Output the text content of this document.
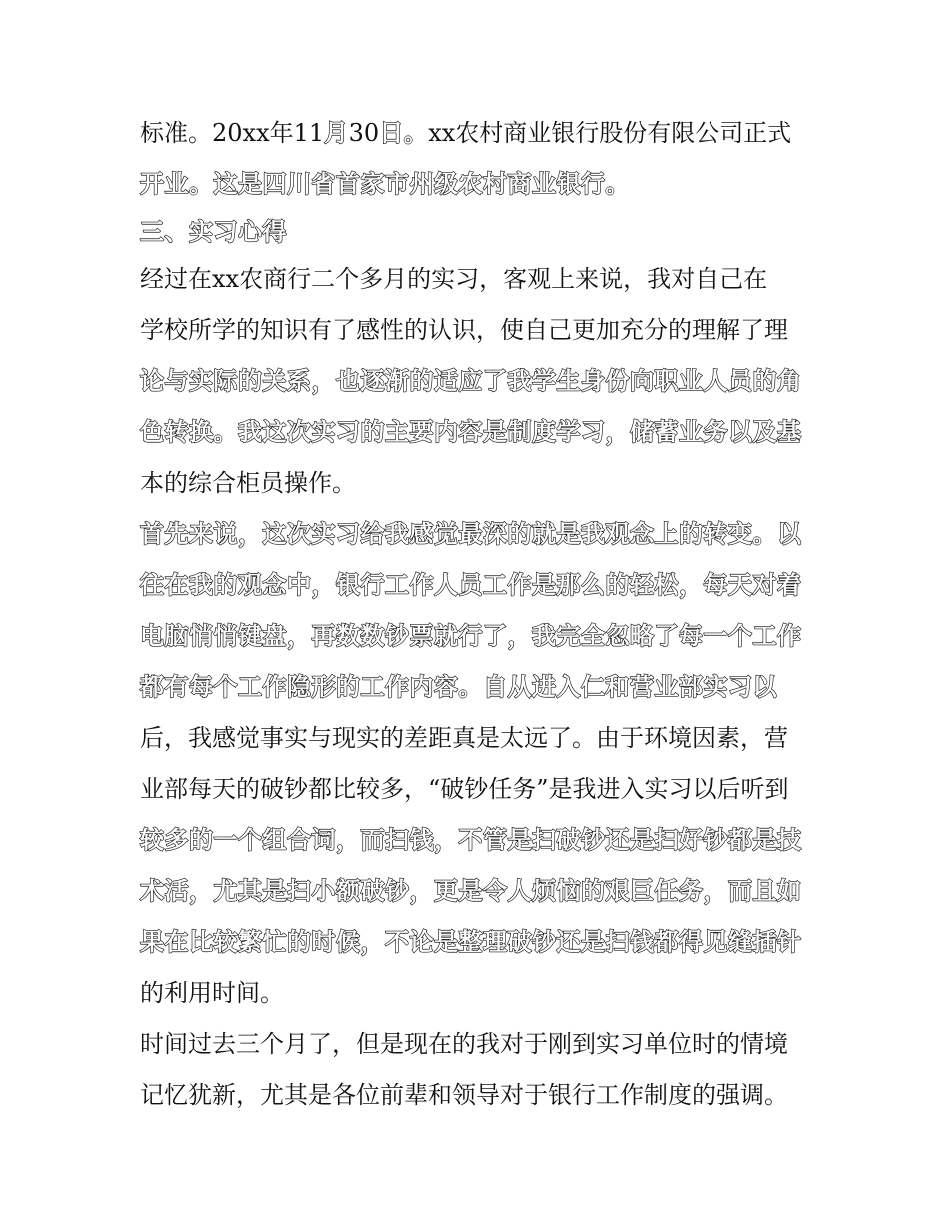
标准。20xx年11月30日。xx农村商业银行股份有限公司正式
开业。这是四川省首家市州级农村商业银行。
三、实习心得
经过在xx农商行二个多月的实习，客观上来说，我对自己在
学校所学的知识有了感性的认识，使自己更加充分的理解了理
论与实际的关系，也逐渐的适应了我学生身份向职业人员的角
色转换。我这次实习的主要内容是制度学习，储蓄业务以及基
本的综合柜员操作。
首先来说，这次实习给我感觉最深的就是我观念上的转变。以
往在我的观念中，银行工作人员工作是那么的轻松，每天对着
电脑悄悄键盘，再数数钞票就行了，我完全忽略了每一个工作
都有每个工作隐形的工作内容。自从进入仁和营业部实习以
后，我感觉事实与现实的差距真是太远了。由于环境因素，营
业部每天的破钞都比较多，“破钞任务”是我进入实习以后听到
较多的一个组合词，而扫钱，不管是扫破钞还是扫好钞都是技
术活，尤其是扫小额破钞，更是令人烦恼的艰巨任务，而且如
果在比较繁忙的时候，不论是整理破钞还是扫钱都得见缝插针
的利用时间。
时间过去三个月了，但是现在的我对于刚到实习单位时的情境
记忆犹新，尤其是各位前辈和领导对于银行工作制度的强调。
